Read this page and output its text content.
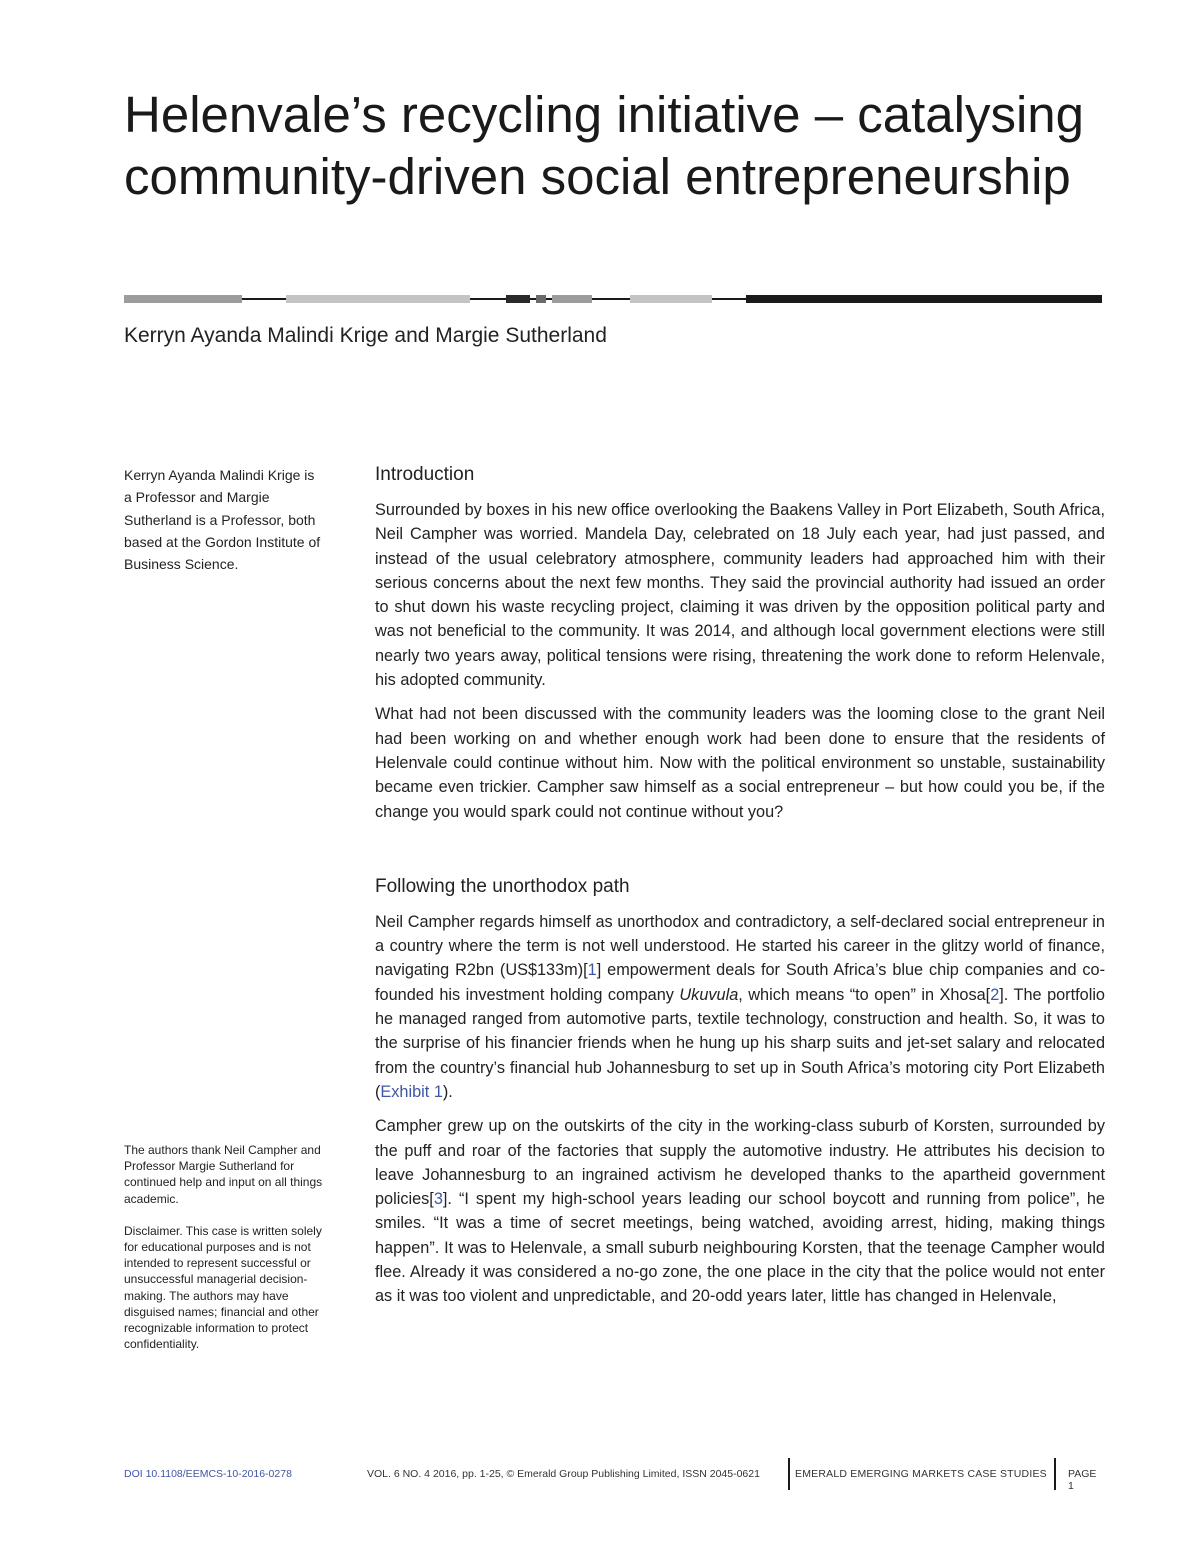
Helenvale’s recycling initiative – catalysing community-driven social entrepreneurship
Kerryn Ayanda Malindi Krige and Margie Sutherland

Kerryn Ayanda Malindi Krige is a Professor and Margie Sutherland is a Professor, both based at the Gordon Institute of Business Science.

The authors thank Neil Campher and Professor Margie Sutherland for continued help and input on all things academic.

Disclaimer. This case is written solely for educational purposes and is not intended to represent successful or unsuccessful managerial decision-making. The authors may have disguised names; financial and other recognizable information to protect confidentiality.

Introduction

Surrounded by boxes in his new office overlooking the Baakens Valley in Port Elizabeth, South Africa, Neil Campher was worried. Mandela Day, celebrated on 18 July each year, had just passed, and instead of the usual celebratory atmosphere, community leaders had approached him with their serious concerns about the next few months. They said the provincial authority had issued an order to shut down his waste recycling project, claiming it was driven by the opposition political party and was not beneficial to the community. It was 2014, and although local government elections were still nearly two years away, political tensions were rising, threatening the work done to reform Helenvale, his adopted community.

What had not been discussed with the community leaders was the looming close to the grant Neil had been working on and whether enough work had been done to ensure that the residents of Helenvale could continue without him. Now with the political environment so unstable, sustainability became even trickier. Campher saw himself as a social entrepreneur – but how could you be, if the change you would spark could not continue without you?

Following the unorthodox path

Neil Campher regards himself as unorthodox and contradictory, a self-declared social entrepreneur in a country where the term is not well understood. He started his career in the glitzy world of finance, navigating R2bn (US$133m)[1] empowerment deals for South Africa’s blue chip companies and co-founded his investment holding company Ukuvula, which means “to open” in Xhosa[2]. The portfolio he managed ranged from automotive parts, textile technology, construction and health. So, it was to the surprise of his financier friends when he hung up his sharp suits and jet-set salary and relocated from the country’s financial hub Johannesburg to set up in South Africa’s motoring city Port Elizabeth (Exhibit 1).

Campher grew up on the outskirts of the city in the working-class suburb of Korsten, surrounded by the puff and roar of the factories that supply the automotive industry. He attributes his decision to leave Johannesburg to an ingrained activism he developed thanks to the apartheid government policies[3]. “I spent my high-school years leading our school boycott and running from police”, he smiles. “It was a time of secret meetings, being watched, avoiding arrest, hiding, making things happen”. It was to Helenvale, a small suburb neighbouring Korsten, that the teenage Campher would flee. Already it was considered a no-go zone, the one place in the city that the police would not enter as it was too violent and unpredictable, and 20-odd years later, little has changed in Helenvale,

DOI 10.1108/EEMCS-10-2016-0278	VOL. 6 NO. 4 2016, pp. 1-25, © Emerald Group Publishing Limited, ISSN 2045-0621	EMERALD EMERGING MARKETS CASE STUDIES PAGE 1
